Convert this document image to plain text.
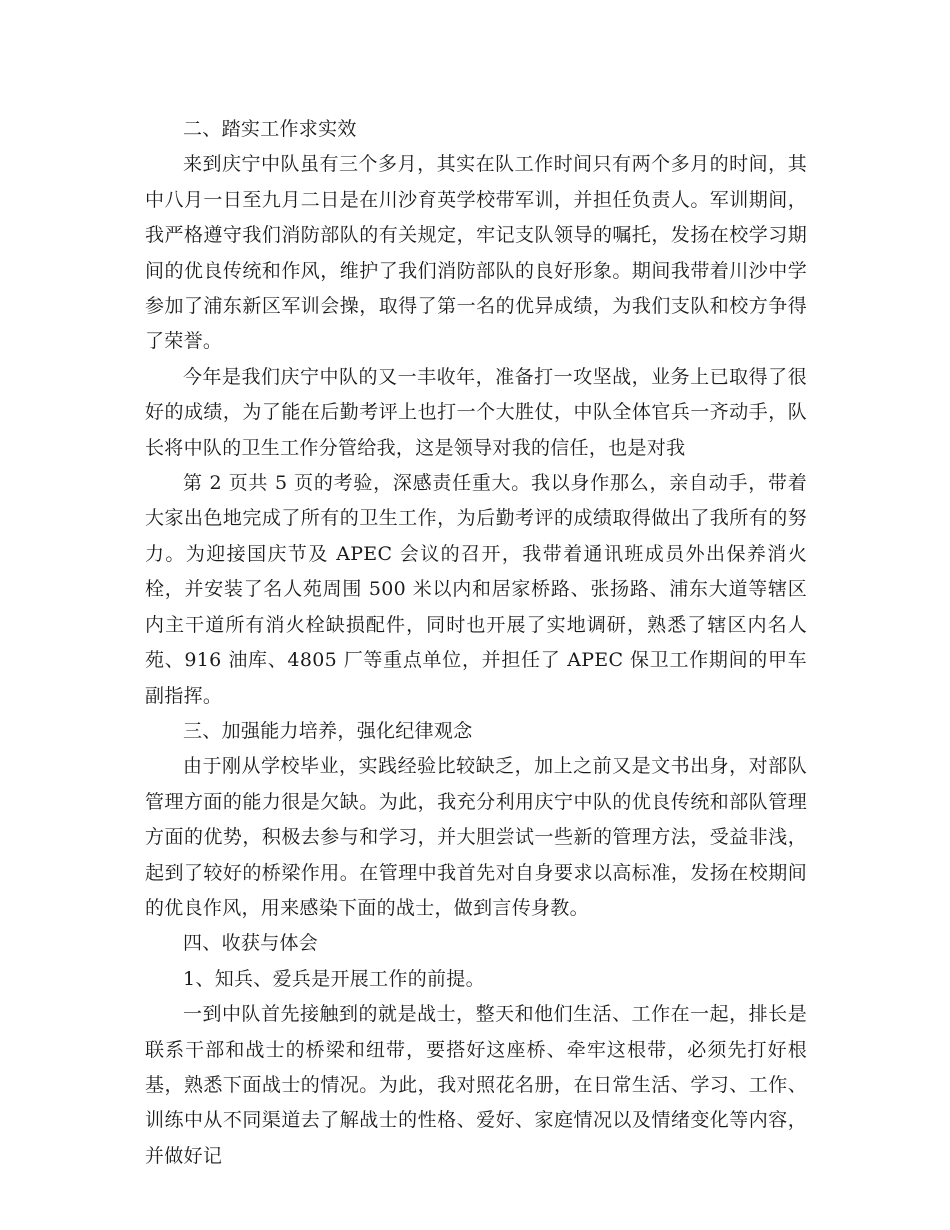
二、踏实工作求实效

来到庆宁中队虽有三个多月，其实在队工作时间只有两个多月的时间，其中八月一日至九月二日是在川沙育英学校带军训，并担任负责人。军训期间，我严格遵守我们消防部队的有关规定，牢记支队领导的嘱托，发扬在校学习期间的优良传统和作风，维护了我们消防部队的良好形象。期间我带着川沙中学参加了浦东新区军训会操，取得了第一名的优异成绩，为我们支队和校方争得了荣誉。

今年是我们庆宁中队的又一丰收年，准备打一攻坚战，业务上已取得了很好的成绩，为了能在后勤考评上也打一个大胜仗，中队全体官兵一齐动手，队长将中队的卫生工作分管给我，这是领导对我的信任，也是对我

第 2 页共 5 页的考验，深感责任重大。我以身作那么，亲自动手，带着大家出色地完成了所有的卫生工作，为后勤考评的成绩取得做出了我所有的努力。为迎接国庆节及 APEC 会议的召开，我带着通讯班成员外出保养消火栓，并安装了名人苑周围 500 米以内和居家桥路、张扬路、浦东大道等辖区内主干道所有消火栓缺损配件，同时也开展了实地调研，熟悉了辖区内名人苑、916 油库、4805 厂等重点单位，并担任了 APEC 保卫工作期间的甲车副指挥。

三、加强能力培养，强化纪律观念

由于刚从学校毕业，实践经验比较缺乏，加上之前又是文书出身，对部队管理方面的能力很是欠缺。为此，我充分利用庆宁中队的优良传统和部队管理方面的优势，积极去参与和学习，并大胆尝试一些新的管理方法，受益非浅，起到了较好的桥梁作用。在管理中我首先对自身要求以高标准，发扬在校期间的优良作风，用来感染下面的战士，做到言传身教。

四、收获与体会

1、知兵、爱兵是开展工作的前提。

一到中队首先接触到的就是战士，整天和他们生活、工作在一起，排长是联系干部和战士的桥梁和纽带，要搭好这座桥、牵牢这根带，必须先打好根基，熟悉下面战士的情况。为此，我对照花名册，在日常生活、学习、工作、训练中从不同渠道去了解战士的性格、爱好、家庭情况以及情绪变化等内容，并做好记
